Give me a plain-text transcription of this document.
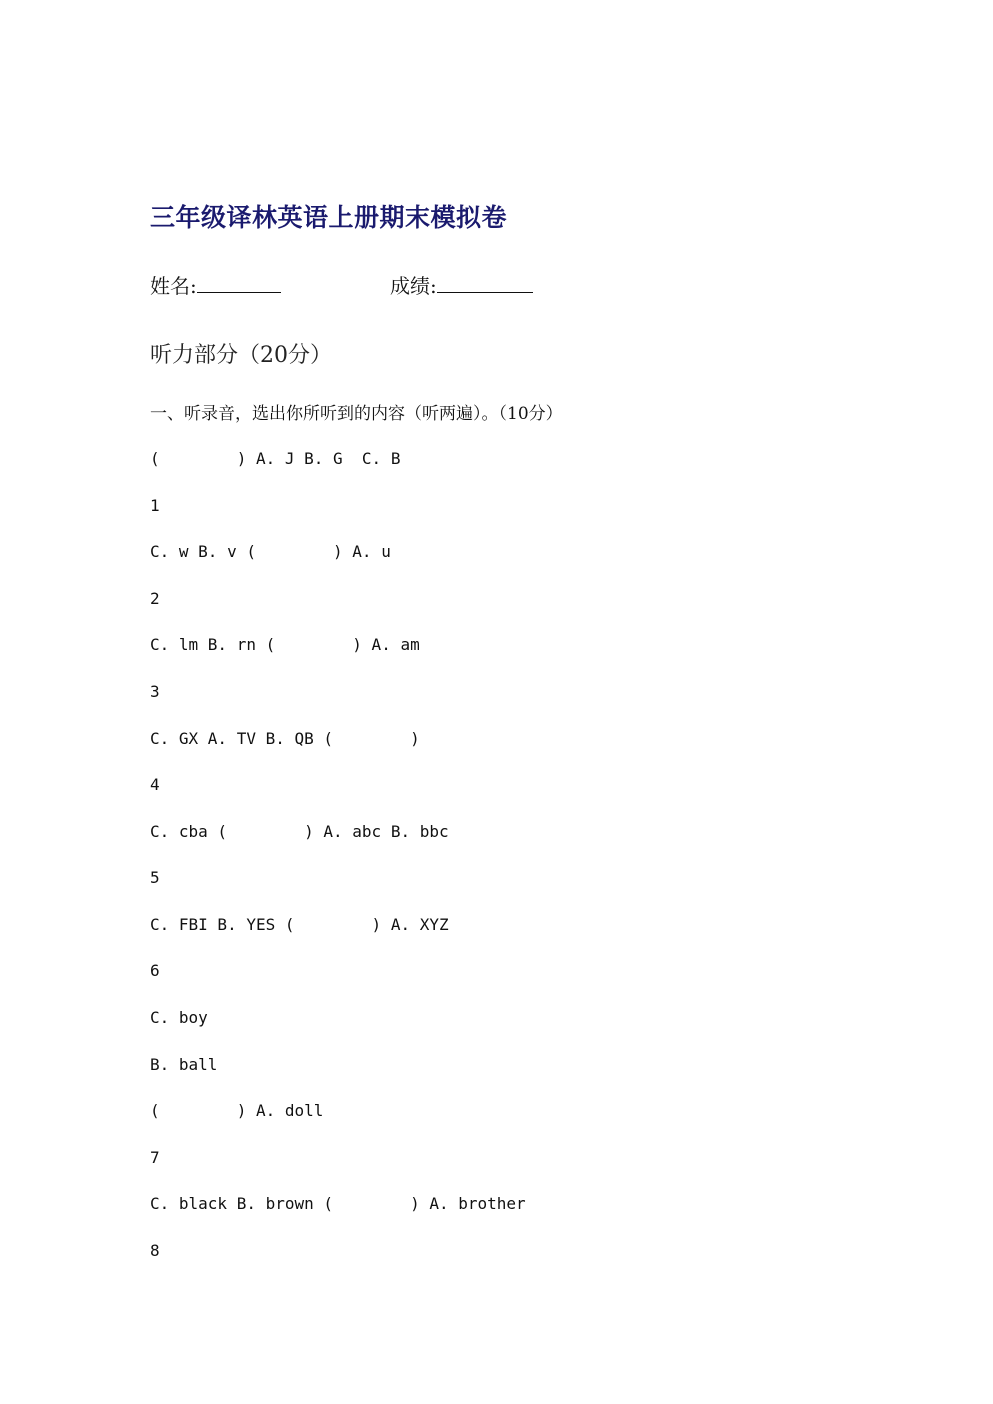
三年级译林英语上册期末模拟卷
姓名:	成绩:
听力部分（20分）
一、听录音，选出你所听到的内容（听两遍）。（10分）
(        ) A. J B. G  C. B
1
C. w B. v (        ) A. u
2
C. lm B. rn (        ) A. am
3
C. GX A. TV B. QB (        )
4
C. cba (        ) A. abc B. bbc
5
C. FBI B. YES (        ) A. XYZ
6
C. boy
B. ball
(        ) A. doll
7
C. black B. brown (        ) A. brother
8
